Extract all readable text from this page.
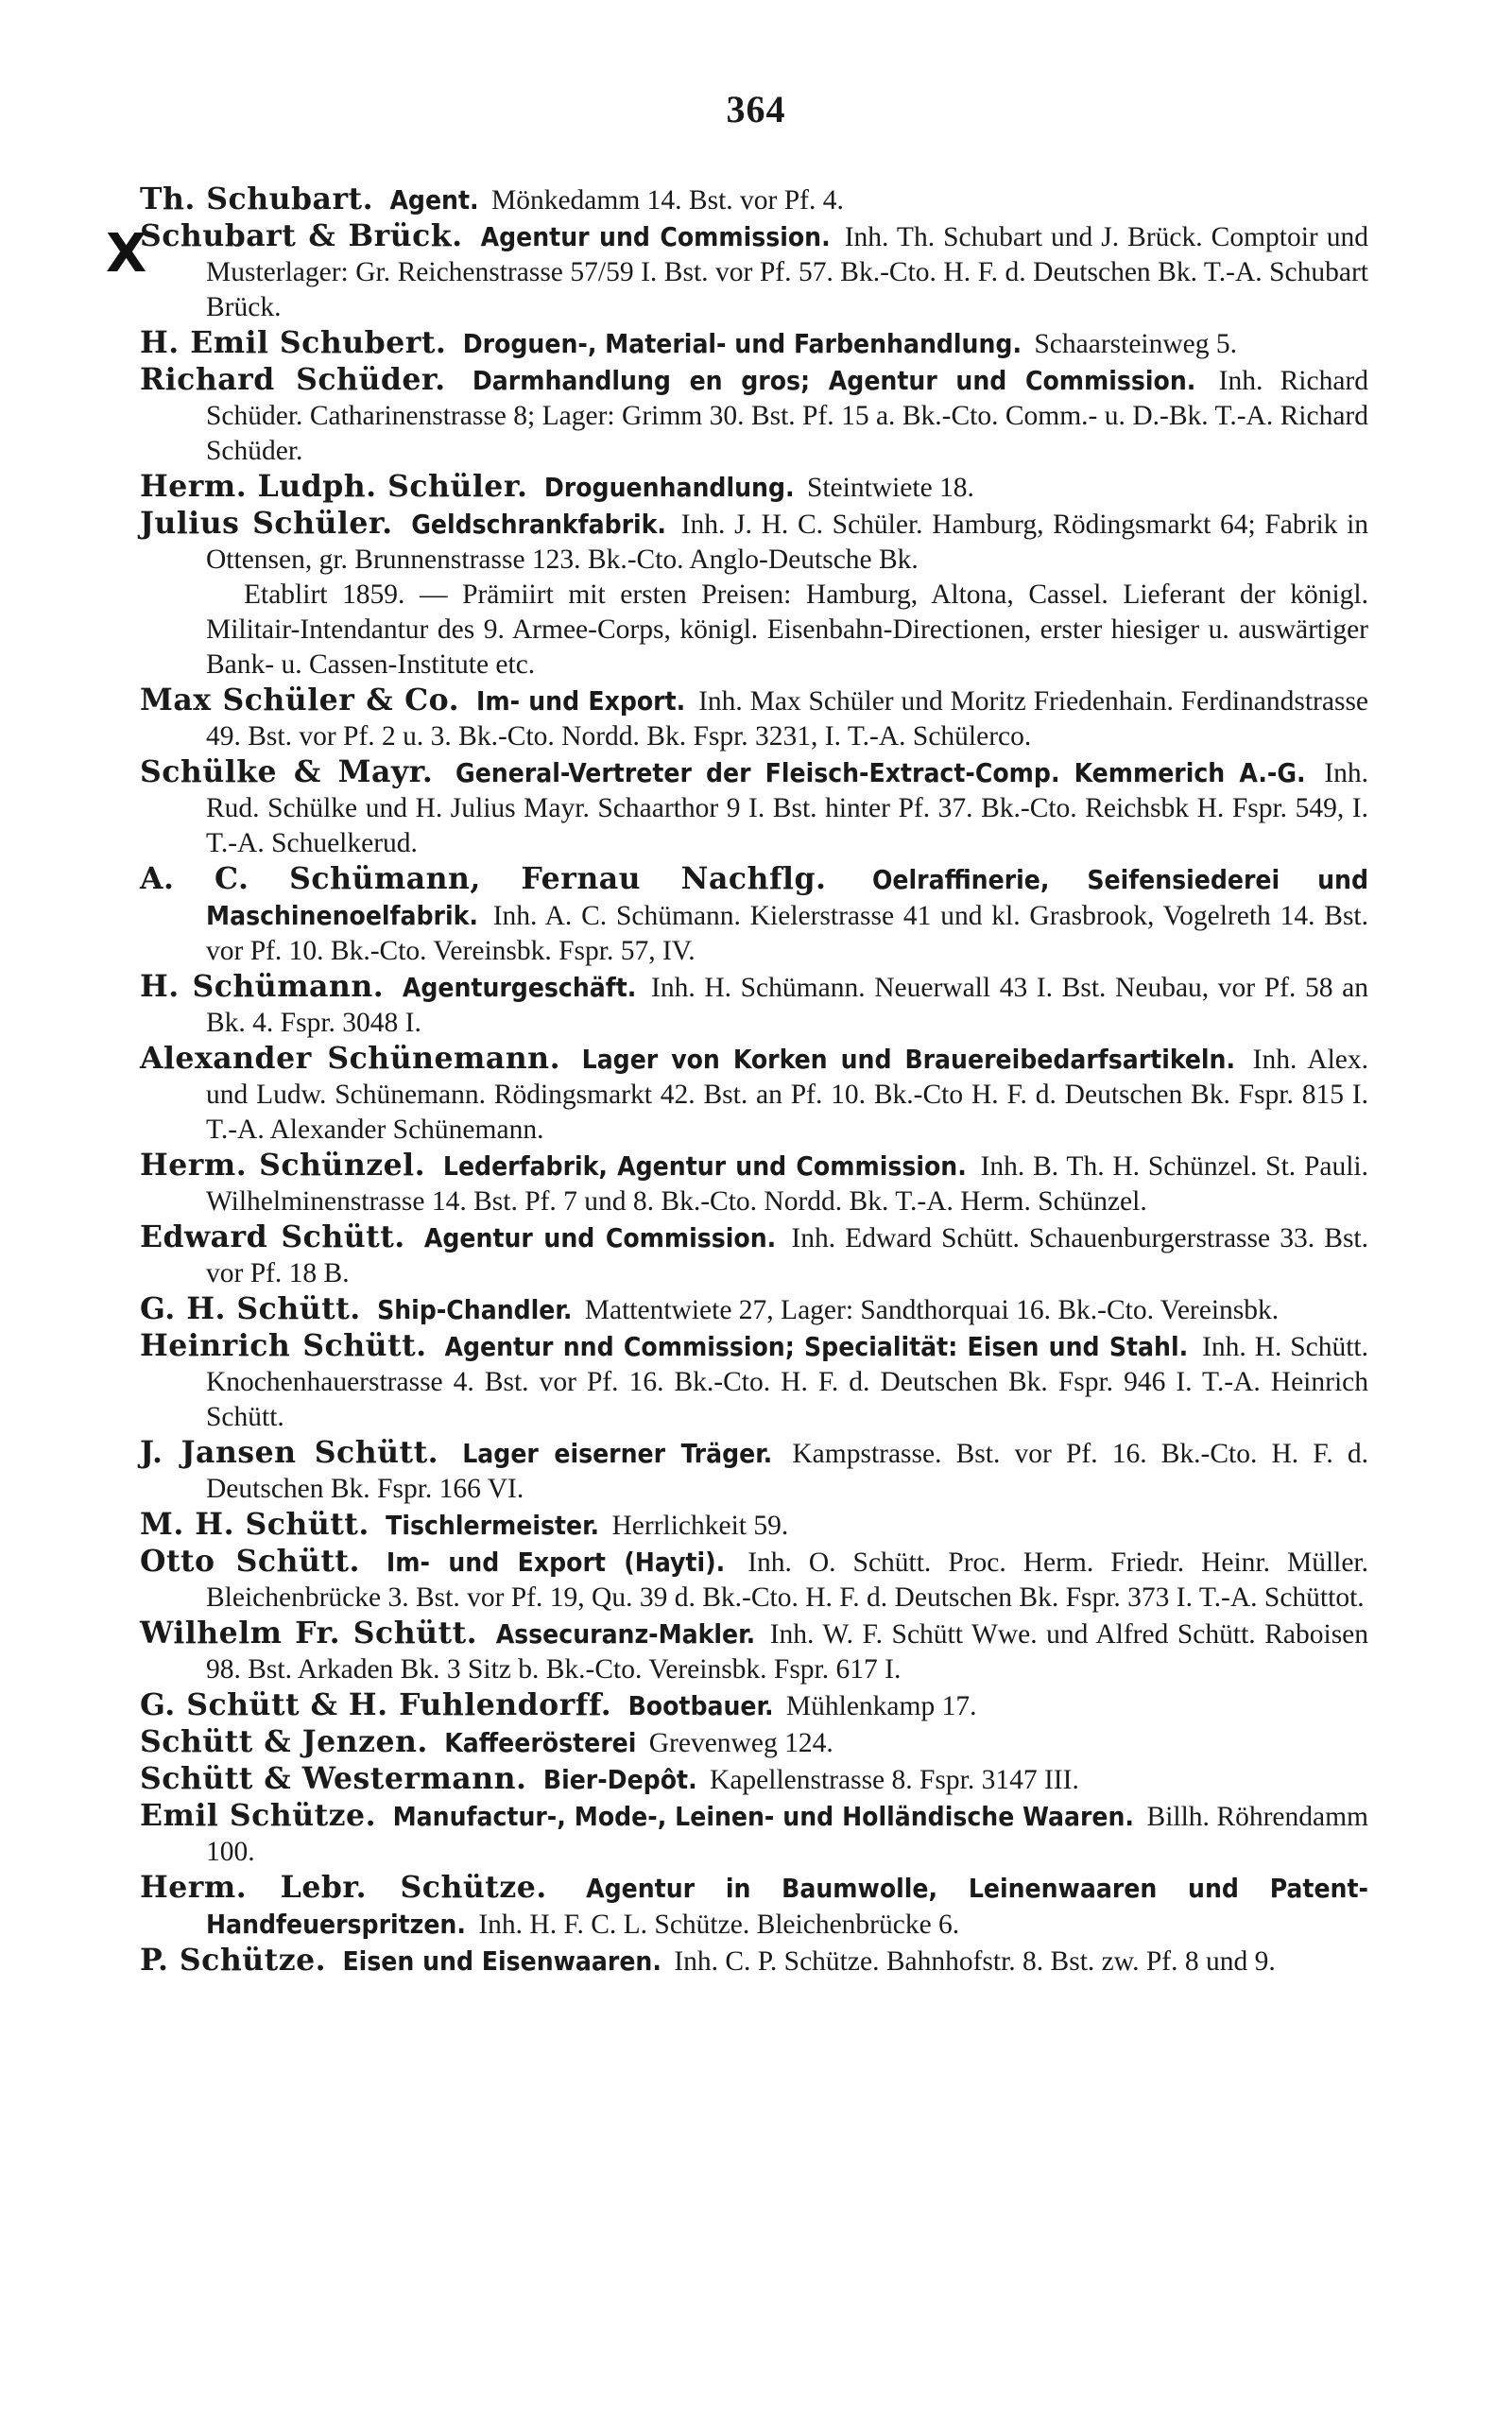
364
X

Th. Schubart. Agent. Mönkedamm 14. Bst. vor Pf. 4.

Schubart & Brück. Agentur und Commission. Inh. Th. Schubart und J. Brück. Comptoir und Musterlager: Gr. Reichenstrasse 57/59 I. Bst. vor Pf. 57. Bk.-Cto. H. F. d. Deutschen Bk. T.-A. Schubart Brück.

H. Emil Schubert. Droguen-, Material- und Farbenhandlung. Schaarsteinweg 5.

Richard Schüder. Darmhandlung en gros; Agentur und Commission. Inh. Richard Schüder. Catharinenstrasse 8; Lager: Grimm 30. Bst. Pf. 15 a. Bk.-Cto. Comm.- u. D.-Bk. T.-A. Richard Schüder.

Herm. Ludph. Schüler. Droguenhandlung. Steintwiete 18.

Julius Schüler. Geldschrankfabrik. Inh. J. H. C. Schüler. Hamburg, Rödingsmarkt 64; Fabrik in Ottensen, gr. Brunnenstrasse 123. Bk.-Cto. Anglo-Deutsche Bk.

Etablirt 1859. — Prämiirt mit ersten Preisen: Hamburg, Altona, Cassel. Lieferant der königl. Militair-Intendantur des 9. Armee-Corps, königl. Eisenbahn-Directionen, erster hiesiger u. auswärtiger Bank- u. Cassen-Institute etc.

Max Schüler & Co. Im- und Export. Inh. Max Schüler und Moritz Friedenhain. Ferdinandstrasse 49. Bst. vor Pf. 2 u. 3. Bk.-Cto. Nordd. Bk. Fspr. 3231, I. T.-A. Schülerco.

Schülke & Mayr. General-Vertreter der Fleisch-Extract-Comp. Kemmerich A.-G. Inh. Rud. Schülke und H. Julius Mayr. Schaarthor 9 I. Bst. hinter Pf. 37. Bk.-Cto. Reichsbk H. Fspr. 549, I. T.-A. Schuelkerud.

A. C. Schümann, Fernau Nachflg. Oelraffinerie, Seifensiederei und Maschinenoelfabrik. Inh. A. C. Schümann. Kielerstrasse 41 und kl. Grasbrook, Vogelreth 14. Bst. vor Pf. 10. Bk.-Cto. Vereinsbk. Fspr. 57, IV.

H. Schümann. Agenturgeschäft. Inh. H. Schümann. Neuerwall 43 I. Bst. Neubau, vor Pf. 58 an Bk. 4. Fspr. 3048 I.

Alexander Schünemann. Lager von Korken und Brauereibedarfsartikeln. Inh. Alex. und Ludw. Schünemann. Rödingsmarkt 42. Bst. an Pf. 10. Bk.-Cto H. F. d. Deutschen Bk. Fspr. 815 I. T.-A. Alexander Schünemann.

Herm. Schünzel. Lederfabrik, Agentur und Commission. Inh. B. Th. H. Schünzel. St. Pauli. Wilhelminenstrasse 14. Bst. Pf. 7 und 8. Bk.-Cto. Nordd. Bk. T.-A. Herm. Schünzel.

Edward Schütt. Agentur und Commission. Inh. Edward Schütt. Schauenburgerstrasse 33. Bst. vor Pf. 18 B.

G. H. Schütt. Ship-Chandler. Mattentwiete 27, Lager: Sandthorquai 16. Bk.-Cto. Vereinsbk.

Heinrich Schütt. Agentur nnd Commission; Specialität: Eisen und Stahl. Inh. H. Schütt. Knochenhauerstrasse 4. Bst. vor Pf. 16. Bk.-Cto. H. F. d. Deutschen Bk. Fspr. 946 I. T.-A. Heinrich Schütt.

J. Jansen Schütt. Lager eiserner Träger. Kampstrasse. Bst. vor Pf. 16. Bk.-Cto. H. F. d. Deutschen Bk. Fspr. 166 VI.

M. H. Schütt. Tischlermeister. Herrlichkeit 59.

Otto Schütt. Im- und Export (Hayti). Inh. O. Schütt. Proc. Herm. Friedr. Heinr. Müller. Bleichenbrücke 3. Bst. vor Pf. 19, Qu. 39 d. Bk.-Cto. H. F. d. Deutschen Bk. Fspr. 373 I. T.-A. Schüttot.

Wilhelm Fr. Schütt. Assecuranz-Makler. Inh. W. F. Schütt Wwe. und Alfred Schütt. Raboisen 98. Bst. Arkaden Bk. 3 Sitz b. Bk.-Cto. Vereinsbk. Fspr. 617 I.

G. Schütt & H. Fuhlendorff. Bootbauer. Mühlenkamp 17.

Schütt & Jenzen. Kaffeerösterei Grevenweg 124.

Schütt & Westermann. Bier-Depôt. Kapellenstrasse 8. Fspr. 3147 III.

Emil Schütze. Manufactur-, Mode-, Leinen- und Holländische Waaren. Billh. Röhrendamm 100.

Herm. Lebr. Schütze. Agentur in Baumwolle, Leinenwaaren und Patent-Handfeuerspritzen. Inh. H. F. C. L. Schütze. Bleichenbrücke 6.

P. Schütze. Eisen und Eisenwaaren. Inh. C. P. Schütze. Bahnhofstr. 8. Bst. zw. Pf. 8 und 9.
